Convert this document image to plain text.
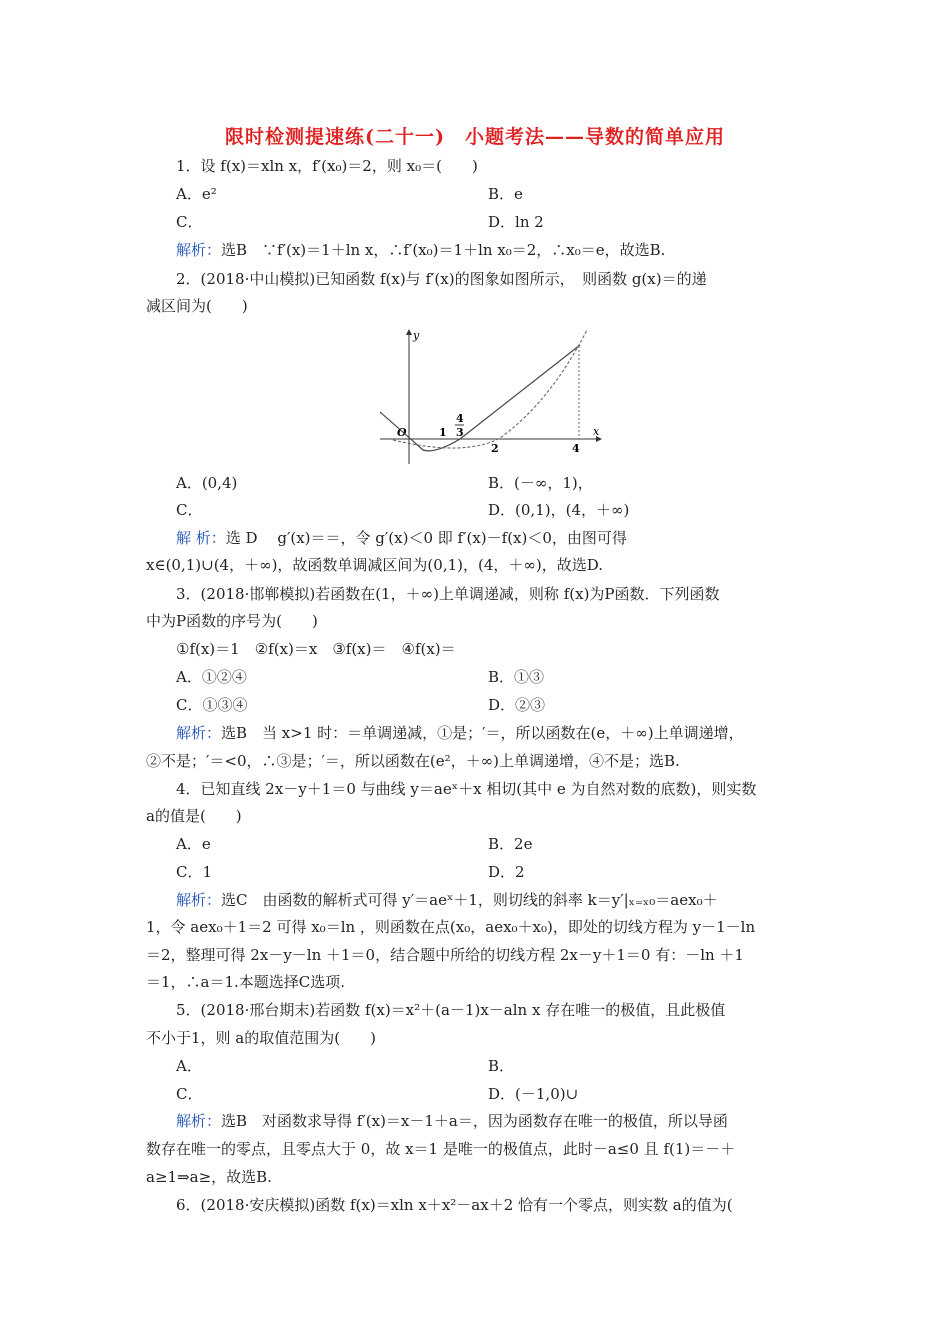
限时检测提速练(二十一)　小题考法——导数的简单应用
1．设 f(x)＝xln x，f′(x₀)＝2，则 x₀＝(　　)
A．e²	B．e
C．	D．ln 2
解析：选B　∵f′(x)＝1＋ln x，∴f′(x₀)＝1＋ln x₀＝2，∴x₀＝e，故选B.
2．(2018·中山模拟)已知函数 f(x)与 f′(x)的图象如图所示，　则函数 g(x)＝的递
减区间为(　　)
y
x
O	1
4
3
2	4
A．(0,4)	B．(－∞，1)，
C．	D．(0,1)，(4，＋∞)
解 析：选 D　 g′(x)＝＝，令 g′(x)＜0 即 f′(x)－f(x)＜0，由图可得
x∈(0,1)∪(4，＋∞)，故函数单调减区间为(0,1)，(4，＋∞)，故选D.
3．(2018·邯郸模拟)若函数在(1，＋∞)上单调递减，则称 f(x)为P函数．下列函数
中为P函数的序号为(　　)
①f(x)＝1　②f(x)＝x　③f(x)＝　④f(x)＝
A．①②④	B．①③
C．①③④	D．②③
解析：选B　当 x>1 时：＝单调递减，①是；′＝，所以函数在(e，＋∞)上单调递增，
②不是；′＝<0，∴③是；′＝，所以函数在(e²，＋∞)上单调递增，④不是；选B.
4．已知直线 2x－y＋1＝0 与曲线 y＝aeˣ＋x 相切(其中 e 为自然对数的底数)，则实数
a的值是(　　)
A．e	B．2e
C．1	D．2
解析：选C　由函数的解析式可得 y′＝aeˣ＋1，则切线的斜率 k＝y′|ₓ₌ₓ₀＝aex₀＋
1，令 aex₀＋1＝2 可得 x₀＝ln ，则函数在点(x₀，aex₀＋x₀)，即处的切线方程为 y－1－ln
＝2，整理可得 2x－y－ln ＋1＝0，结合题中所给的切线方程 2x－y＋1＝0 有：－ln ＋1
＝1，∴a＝1.本题选择C选项.
5．(2018·邢台期末)若函数 f(x)＝x²＋(a－1)x－aln x 存在唯一的极值，且此极值
不小于1，则 a的取值范围为(　　)
A．	B．
C．	D．(－1,0)∪
解析：选B　对函数求导得 f′(x)＝x－1＋a＝，因为函数存在唯一的极值，所以导函
数存在唯一的零点，且零点大于 0，故 x＝1 是唯一的极值点，此时－a≤0 且 f(1)＝－＋
a≥1⇒a≥，故选B.
6．(2018·安庆模拟)函数 f(x)＝xln x＋x²－ax＋2 恰有一个零点，则实数 a的值为(
